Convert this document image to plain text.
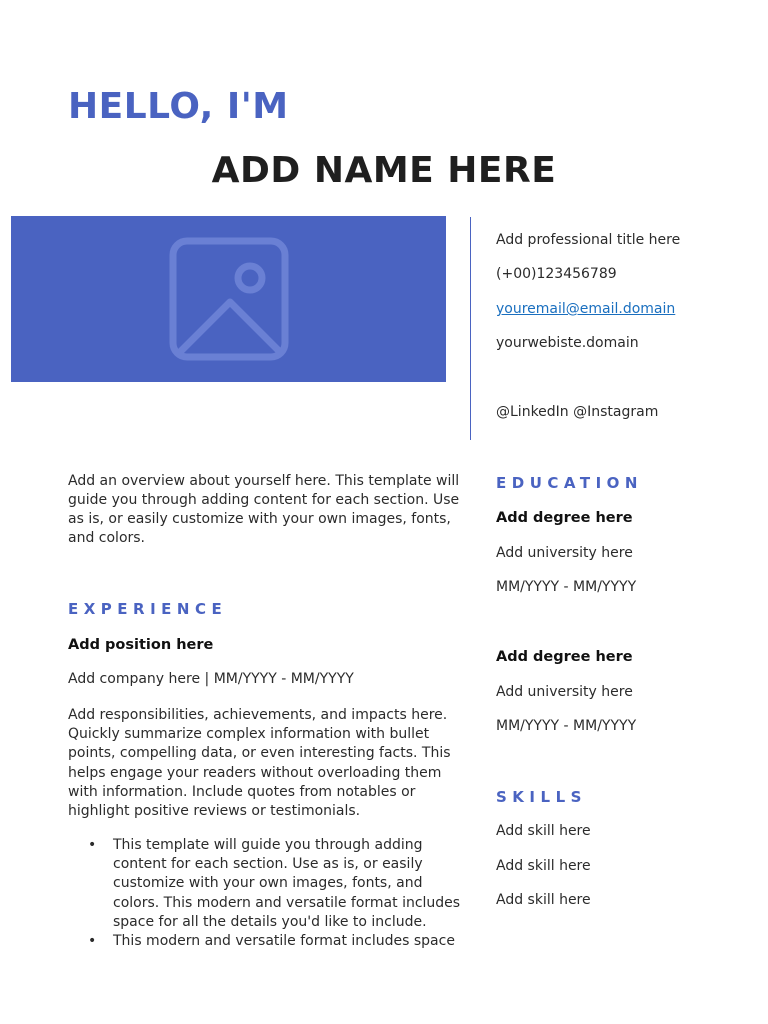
HELLO, I'M
ADD NAME HERE
Add professional title here
(+00)123456789
youremail@email.domain
yourwebiste.domain
@LinkedIn @Instagram
Add an overview about yourself here. This template will guide you through adding content for each section. Use as is, or easily customize with your own images, fonts, and colors.
EXPERIENCE
Add position here
Add company here | MM/YYYY - MM/YYYY
Add responsibilities, achievements, and impacts here. Quickly summarize complex information with bullet points, compelling data, or even interesting facts. This helps engage your readers without overloading them with information. Include quotes from notables or highlight positive reviews or testimonials.
• This template will guide you through adding content for each section. Use as is, or easily customize with your own images, fonts, and colors. This modern and versatile format includes space for all the details you'd like to include.
• This modern and versatile format includes space
EDUCATION
Add degree here
Add university here
MM/YYYY - MM/YYYY
Add degree here
Add university here
MM/YYYY - MM/YYYY
SKILLS
Add skill here
Add skill here
Add skill here
